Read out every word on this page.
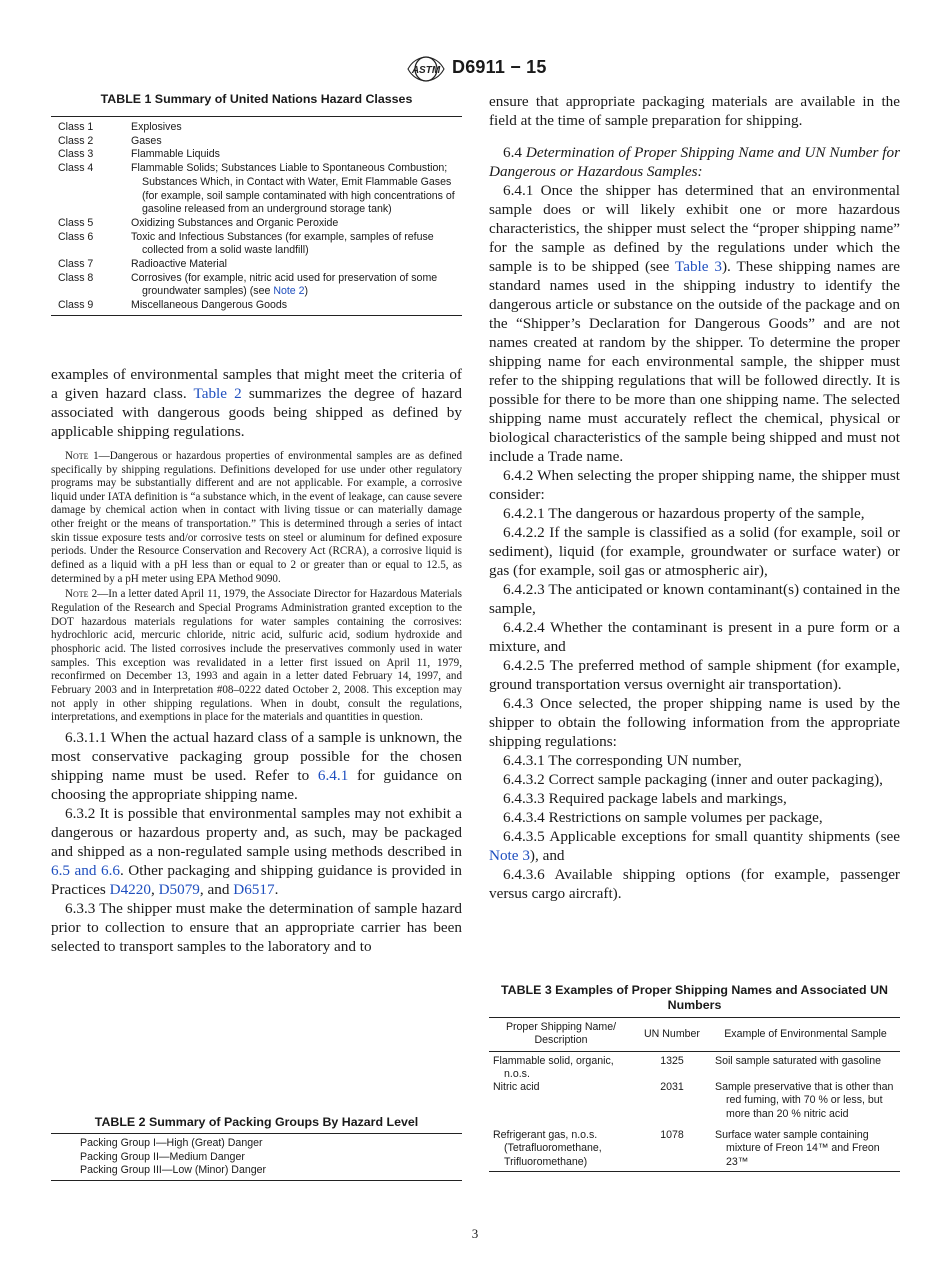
ASTM D6911 − 15
TABLE 1 Summary of United Nations Hazard Classes
Class 1	Explosives

Class 2	Gases

Class 3	Flammable Liquids

Class 4	Flammable Solids; Substances Liable to Spontaneous Combustion; Substances Which, in Contact with Water, Emit Flammable Gases (for example, soil sample contaminated with high concentrations of gasoline released from an underground storage tank)

Class 5	Oxidizing Substances and Organic Peroxide

Class 6	Toxic and Infectious Substances (for example, samples of refuse collected from a solid waste landfill)

Class 7	Radioactive Material

Class 8	Corrosives (for example, nitric acid used for preservation of some groundwater samples) (see Note 2)

Class 9	Miscellaneous Dangerous Goods

examples of environmental samples that might meet the criteria of a given hazard class. Table 2 summarizes the degree of hazard associated with dangerous goods being shipped as defined by applicable shipping regulations.

Note 1—Dangerous or hazardous properties of environmental samples are as defined specifically by shipping regulations. Definitions developed for use under other regulatory programs may be substantially different and are not applicable. For example, a corrosive liquid under IATA definition is “a substance which, in the event of leakage, can cause severe damage by chemical action when in contact with living tissue or can materially damage other freight or the means of transportation.” This is determined through a series of intact skin tissue exposure tests and/or corrosive tests on steel or aluminum for defined exposure periods. Under the Resource Conservation and Recovery Act (RCRA), a corrosive liquid is defined as a liquid with a pH less than or equal to 2 or greater than or equal to 12.5, as determined by a pH meter using EPA Method 9090.

Note 2—In a letter dated April 11, 1979, the Associate Director for Hazardous Materials Regulation of the Research and Special Programs Administration granted exception to the DOT hazardous materials regulations for water samples containing the corrosives: hydrochloric acid, mercuric chloride, nitric acid, sulfuric acid, sodium hydroxide and phosphoric acid. The listed corrosives include the preservatives commonly used in water samples. This exception was revalidated in a letter first issued on April 11, 1979, reconfirmed on December 13, 1993 and again in a letter dated February 14, 1997, and February 2003 and in Interpretation #08–0222 dated October 2, 2008. This exception may not apply in other shipping regulations. When in doubt, consult the regulations, interpretations, and exemptions in place for the materials and quantities in question.

6.3.1.1 When the actual hazard class of a sample is unknown, the most conservative packaging group possible for the chosen shipping name must be used. Refer to 6.4.1 for guidance on choosing the appropriate shipping name.

6.3.2 It is possible that environmental samples may not exhibit a dangerous or hazardous property and, as such, may be packaged and shipped as a non-regulated sample using methods described in 6.5 and 6.6. Other packaging and shipping guidance is provided in Practices D4220, D5079, and D6517.

6.3.3 The shipper must make the determination of sample hazard prior to collection to ensure that an appropriate carrier has been selected to transport samples to the laboratory and to

TABLE 2 Summary of Packing Groups By Hazard Level
Packing Group I—High (Great) Danger
Packing Group II—Medium Danger
Packing Group III—Low (Minor) Danger

ensure that appropriate packaging materials are available in the field at the time of sample preparation for shipping.

6.4 Determination of Proper Shipping Name and UN Number for Dangerous or Hazardous Samples:

6.4.1 Once the shipper has determined that an environmental sample does or will likely exhibit one or more hazardous characteristics, the shipper must select the “proper shipping name” for the sample as defined by the regulations under which the sample is to be shipped (see Table 3). These shipping names are standard names used in the shipping industry to identify the dangerous article or substance on the outside of the package and on the “Shipper’s Declaration for Dangerous Goods” and are not names created at random by the shipper. To determine the proper shipping name for each environmental sample, the shipper must refer to the shipping regulations that will be followed directly. It is possible for there to be more than one shipping name. The selected shipping name must accurately reflect the chemical, physical or biological characteristics of the sample being shipped and must not include a Trade name.

6.4.2 When selecting the proper shipping name, the shipper must consider:

6.4.2.1 The dangerous or hazardous property of the sample,

6.4.2.2 If the sample is classified as a solid (for example, soil or sediment), liquid (for example, groundwater or surface water) or gas (for example, soil gas or atmospheric air),

6.4.2.3 The anticipated or known contaminant(s) contained in the sample,

6.4.2.4 Whether the contaminant is present in a pure form or a mixture, and

6.4.2.5 The preferred method of sample shipment (for example, ground transportation versus overnight air transportation).

6.4.3 Once selected, the proper shipping name is used by the shipper to obtain the following information from the appropriate shipping regulations:

6.4.3.1 The corresponding UN number,

6.4.3.2 Correct sample packaging (inner and outer packaging),

6.4.3.3 Required package labels and markings,

6.4.3.4 Restrictions on sample volumes per package,

6.4.3.5 Applicable exceptions for small quantity shipments (see Note 3), and

6.4.3.6 Available shipping options (for example, passenger versus cargo aircraft).

TABLE 3 Examples of Proper Shipping Names and Associated UN Numbers
Proper Shipping Name/ Description	UN Number	Example of Environmental Sample

Flammable solid, organic, n.o.s.	1325	Soil sample saturated with gasoline

Nitric acid	2031	Sample preservative that is other than red fuming, with 70 % or less, but more than 20 % nitric acid

Refrigerant gas, n.o.s. (Tetrafluoromethane, Trifluoromethane)	1078	Surface water sample containing mixture of Freon 14™ and Freon 23™
3
